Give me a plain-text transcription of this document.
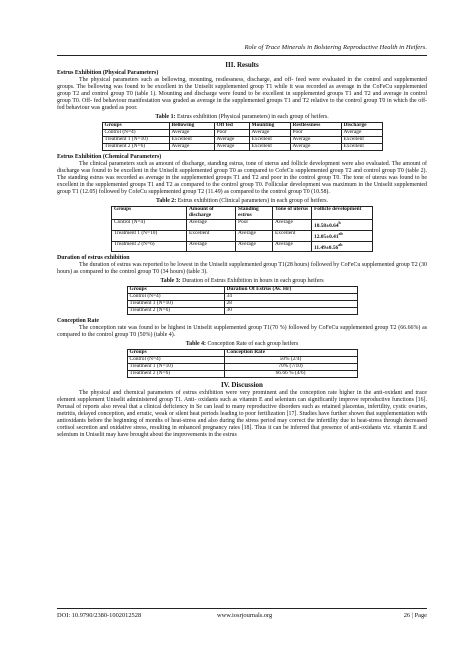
Role of Trace Minerals in Bolstering Reproductive Health in Heifers.
III. Results
Estrus Exhibition (Physical Parameters)

The physical parameters such as bellowing, mounting, restlessness, discharge, and off- feed were evaluated in the control and supplemented groups. The bellowing was found to be excellent in the Uniselit supplemented group T1 while it was recorded as average in the CoFeCu supplemented group T2 and control group T0 (table 1). Mounting and discharge were found to be excellent in supplemented groups T1 and T2 and average in control group T0. Off- fed behaviour manifestation was graded as average in the supplemented groups T1 and T2 relative to the control group T0 in which the off- fed behaviour was graded as poor.

Table 1: Estrus exhibition (Physical parameters) in each group of heifers.
Groups	Bellowing	Off fed	Mounting	Restlessness	Discharge
Control (N=4)	Average	Poor	Average	Poor	Average
Treatment 1 (N=10)	Excellent	Average	Excellent	Average	Excellent
Treatment 2 (N=6)	Average	Average	Excellent	Average	Excellent
Estrus Exhibition (Chemical Parameters)

The clinical parameters such as amount of discharge, standing estrus, tone of uterus and follicle development were also evaluated. The amount of discharge was found to be excellent in the Uniselit supplemented group T0 as compared to CofeCu supplemented group T2 and control group T0 (table 2). The standing estrus was recorded as average in the supplemented groups T1 and T2 and poor in the control group T0. The tone of uterus was found to be excellent in the supplemented groups T1 and T2 as compared to the control group T0. Follicular development was maximum in the Uniselit supplemented group T1 (12.05) followed by CofeCu supplemented group T2 (11.49) as compared to the control group T0 (10.58).

Table 2: Estrus exhibition (Clinical parameters) in each group of heifers.
Groups	Amount of discharge	Standing estrus	Tone of uterus	Follicle development
Control (N=4)	Average	Poor	Average	10.58±0.64$^b$
Treatment 1 (N=10)	Excellent	Average	Excellent	12.05±0.41$^{ab}$
Treatment 2 (N=6)	Average	Average	Average	11.49±0.56$^{ab}$
Duration of estrus exhibition

The duration of estrus was reported to be lowest in the Uniselit supplemented group T1(28 hours) followed by CoFeCu supplemented group T2 (30 hours) as compared to the control group T0 (34 hours) (table 3).

Table 3: Duration of Estrus Exhibition in hours in each group heifers
Groups	Duration Of Estrus (Av. Hr)
Control (N=4)	34
Treatment 1 (N=10)	28
Treatment 2 (N=6)	30
Conception Rate

The conception rate was found to be highest in Uniselit supplemented group T1(70 %) followed by CoFeCu supplemented group T2 (66.66%) as compared to the control group T0 (50%) (table 4).

Table 4: Conception Rate of each group heifers
Groups	Conception Rate
Control (N=4)	50% (2/4)
Treatment 1 (N=10)	70% (7/10)
Treatment 2 (N=6)	66.66 % (4/6)
IV. Discussion

The physical and chemical parameters of estrus exhibition were very prominent and the conception rate higher in the anti-oxidant and trace element supplement Uniselit administered group T1. Anti- oxidants such as vitamin E and selenium can significantly improve reproductive functions [16]. Perusal of reports also reveal that a clinical deficiency in Se can lead to many reproductive disorders such as retained placentas, infertility, cystic ovaries, metritis, delayed conception, and erratic, weak or silent heat periods leading to poor fertilization [17]. Studies have further shown that supplementation with antioxidants before the beginning of months of heat-stress and also during the stress period may correct the infertility due to heat-stress through decreased cortisol secretion and oxidative stress, resulting in enhanced pregnancy rates [18]. Thus it can be inferred that presence of anti-oxidants viz. vitamin E and selenium in Uniselit may have brought about the improvements in the estrus

DOI: 10.9790/2380-1002012528	www.iosrjournals.org	26 | Page
